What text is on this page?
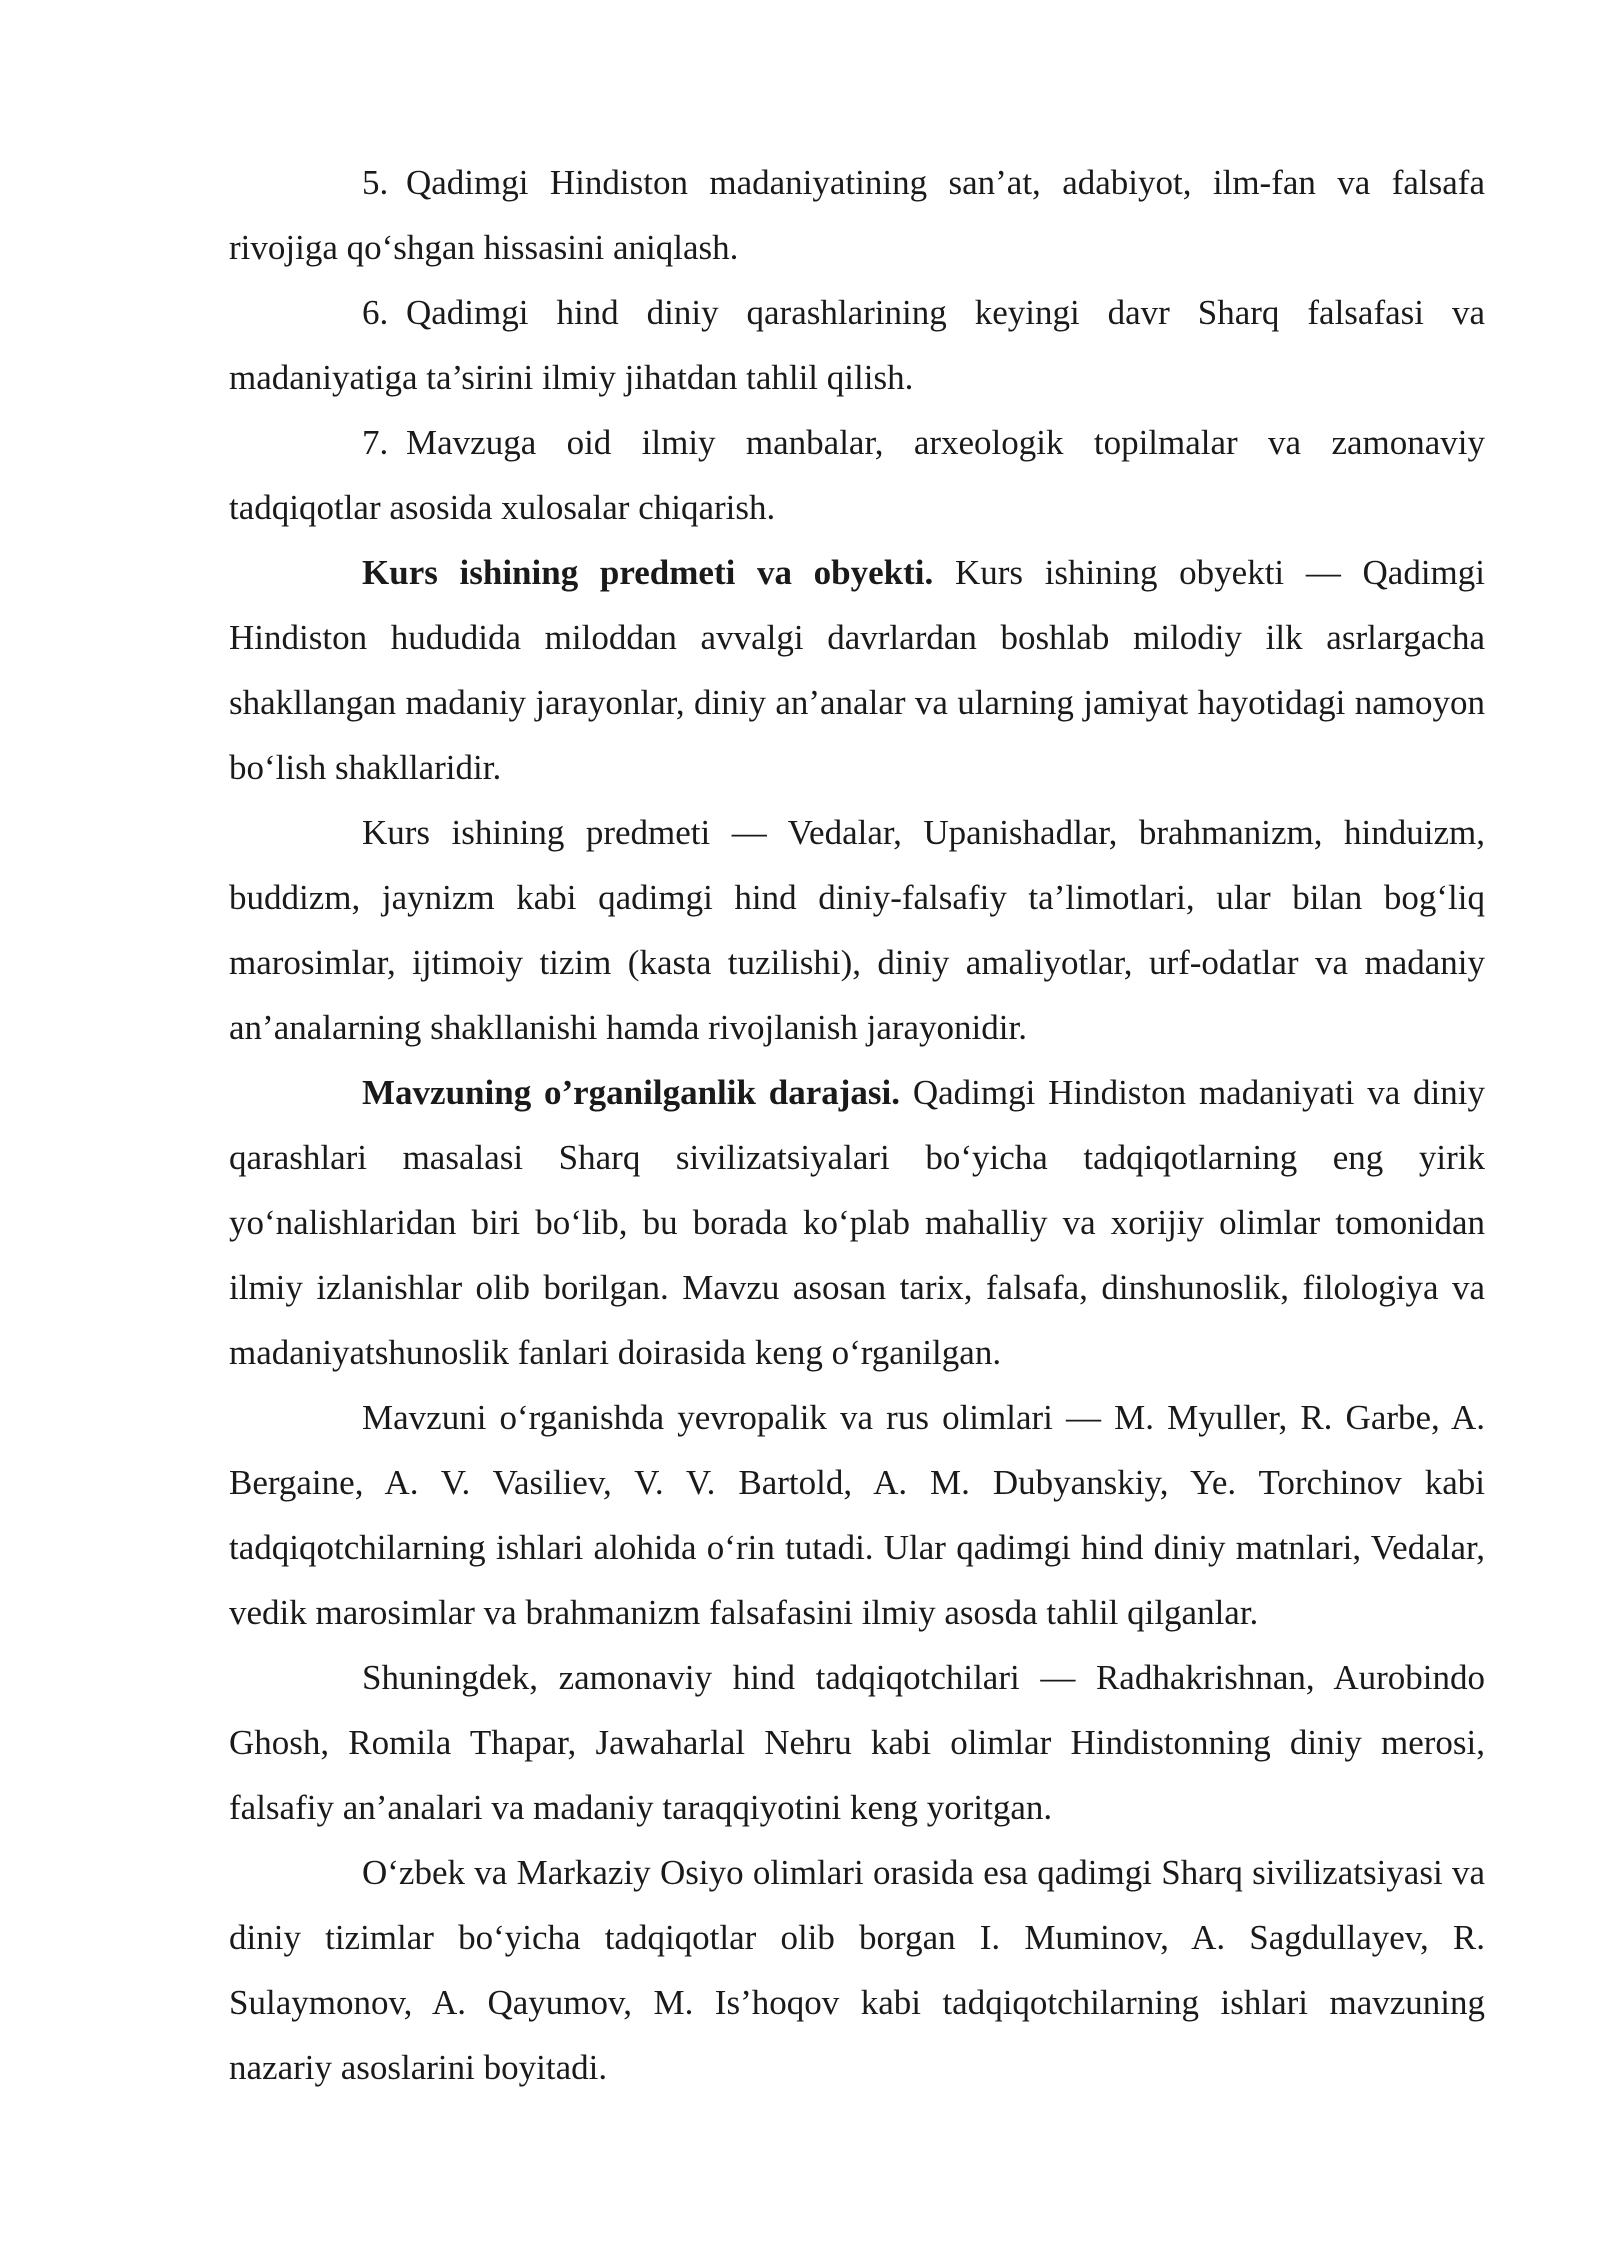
5. Qadimgi Hindiston madaniyatining san’at, adabiyot, ilm-fan va falsafa rivojiga qo‘shgan hissasini aniqlash.

6. Qadimgi hind diniy qarashlarining keyingi davr Sharq falsafasi va madaniyatiga ta’sirini ilmiy jihatdan tahlil qilish.

7. Mavzuga oid ilmiy manbalar, arxeologik topilmalar va zamonaviy tadqiqotlar asosida xulosalar chiqarish.

Kurs ishining predmeti va obyekti. Kurs ishining obyekti — Qadimgi Hindiston hududida miloddan avvalgi davrlardan boshlab milodiy ilk asrlargacha shakllangan madaniy jarayonlar, diniy an’analar va ularning jamiyat hayotidagi namoyon bo‘lish shakllaridir.

Kurs ishining predmeti — Vedalar, Upanishadlar, brahmanizm, hinduizm, buddizm, jaynizm kabi qadimgi hind diniy-falsafiy ta’limotlari, ular bilan bog‘liq marosimlar, ijtimoiy tizim (kasta tuzilishi), diniy amaliyotlar, urf-odatlar va madaniy an’analarning shakllanishi hamda rivojlanish jarayonidir.

Mavzuning o’rganilganlik darajasi. Qadimgi Hindiston madaniyati va diniy qarashlari masalasi Sharq sivilizatsiyalari bo‘yicha tadqiqotlarning eng yirik yo‘nalishlaridan biri bo‘lib, bu borada ko‘plab mahalliy va xorijiy olimlar tomonidan ilmiy izlanishlar olib borilgan. Mavzu asosan tarix, falsafa, dinshunoslik, filologiya va madaniyatshunoslik fanlari doirasida keng o‘rganilgan.

Mavzuni o‘rganishda yevropalik va rus olimlari — M. Myuller, R. Garbe, A. Bergaine, A. V. Vasiliev, V. V. Bartold, A. M. Dubyanskiy, Ye. Torchinov kabi tadqiqotchilarning ishlari alohida o‘rin tutadi. Ular qadimgi hind diniy matnlari, Vedalar, vedik marosimlar va brahmanizm falsafasini ilmiy asosda tahlil qilganlar.

Shuningdek, zamonaviy hind tadqiqotchilari — Radhakrishnan, Aurobindo Ghosh, Romila Thapar, Jawaharlal Nehru kabi olimlar Hindistonning diniy merosi, falsafiy an’analari va madaniy taraqqiyotini keng yoritgan.

O‘zbek va Markaziy Osiyo olimlari orasida esa qadimgi Sharq sivilizatsiyasi va diniy tizimlar bo‘yicha tadqiqotlar olib borgan I. Muminov, A. Sagdullayev, R. Sulaymonov, A. Qayumov, M. Is’hoqov kabi tadqiqotchilarning ishlari mavzuning nazariy asoslarini boyitadi.
